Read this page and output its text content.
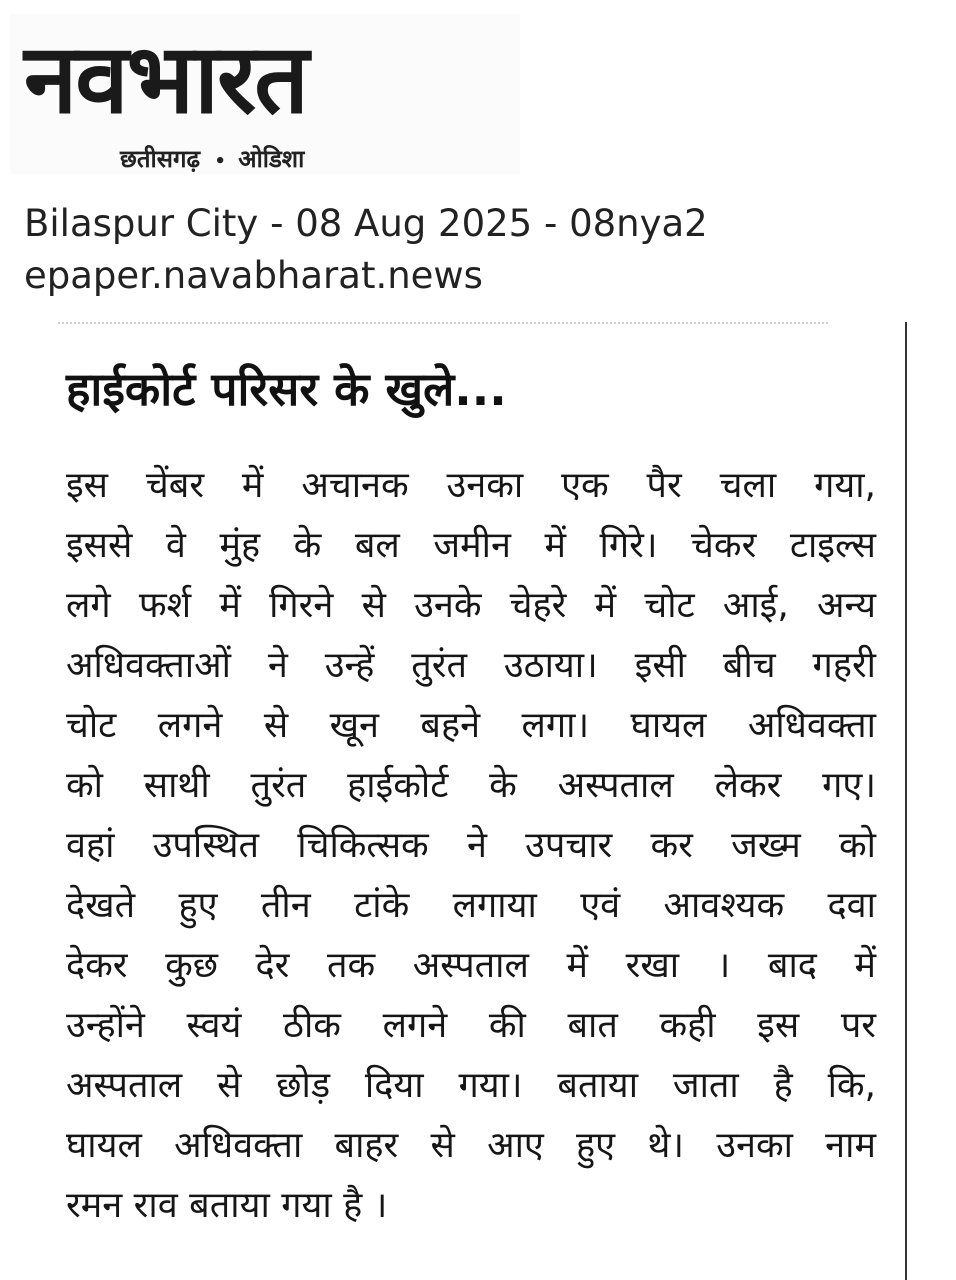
नवभारत
छतीसगढ़ • ओडिशा
Bilaspur City - 08 Aug 2025 - 08nya2
epaper.navabharat.news
हाईकोर्ट परिसर के खुले...
इस चेंबर में अचानक उनका एक पैर चला गया,
इससे वे मुंह के बल जमीन में गिरे। चेकर टाइल्स
लगे फर्श में गिरने से उनके चेहरे में चोट आई, अन्य
अधिवक्ताओं ने उन्हें तुरंत उठाया। इसी बीच गहरी
चोट लगने से खून बहने लगा। घायल अधिवक्ता
को साथी तुरंत हाईकोर्ट के अस्पताल लेकर गए।
वहां उपस्थित चिकित्सक ने उपचार कर जख्म को
देखते हुए तीन टांके लगाया एवं आवश्यक दवा
देकर कुछ देर तक अस्पताल में रखा । बाद में
उन्होंने स्वयं ठीक लगने की बात कही इस पर
अस्पताल से छोड़ दिया गया। बताया जाता है कि,
घायल अधिवक्ता बाहर से आए हुए थे। उनका नाम
रमन राव बताया गया है ।
